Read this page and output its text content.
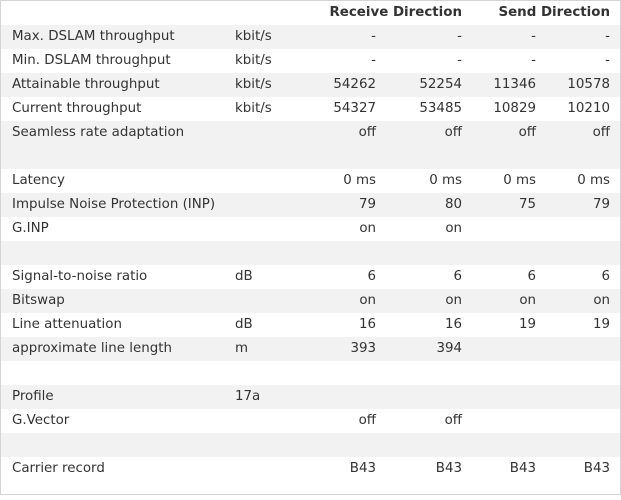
		Receive Direction		Send Direction	
Max. DSLAM throughput	kbit/s	-	-	-	-
Min. DSLAM throughput	kbit/s	-	-	-	-
Attainable throughput	kbit/s	54262	52254	11346	10578
Current throughput	kbit/s	54327	53485	10829	10210
Seamless rate adaptation		off	off	off	off

Latency		0 ms	0 ms	0 ms	0 ms
Impulse Noise Protection (INP)		79	80	75	79
G.INP		on	on		

Signal-to-noise ratio	dB	6	6	6	6
Bitswap		on	on	on	on
Line attenuation	dB	16	16	19	19
approximate line length	m	393	394		

Profile	17a				
G.Vector		off	off		

Carrier record		B43	B43	B43	B43
